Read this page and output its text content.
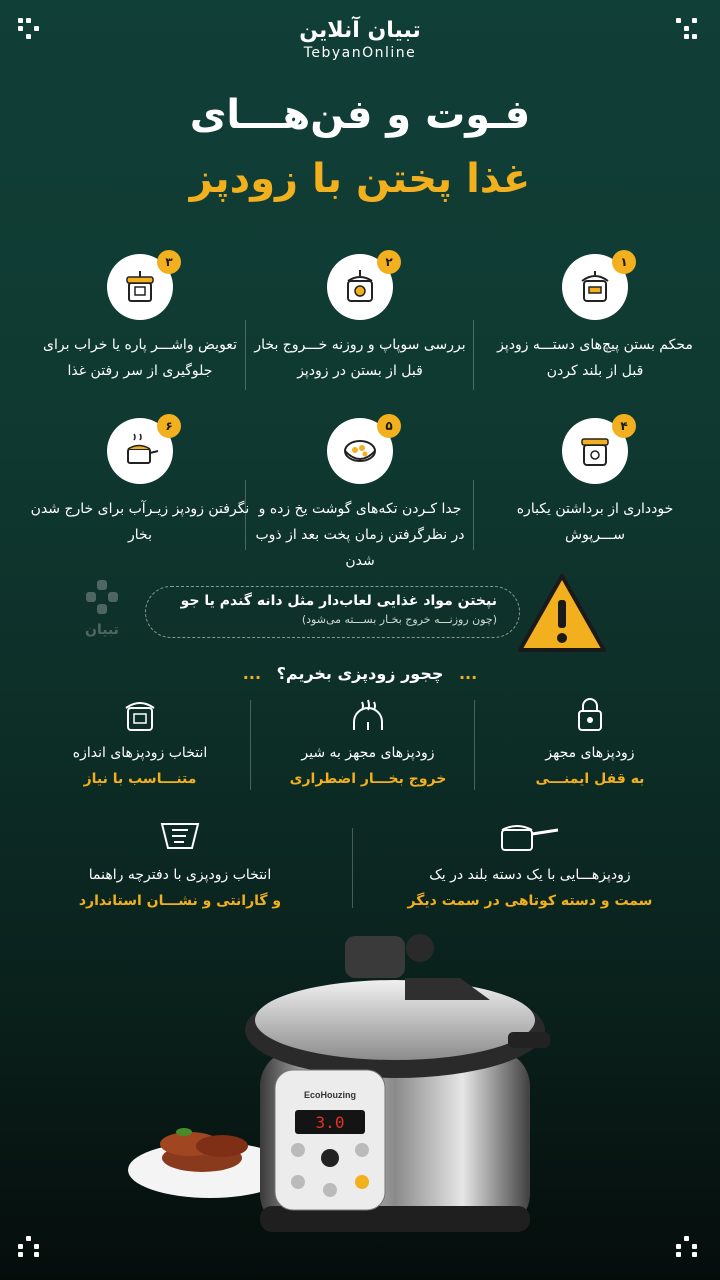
تبیان آنلاین
TebyanOnline
فـوت و فن‌هـــای
غذا پختن با زودپز
۱
محکم بستن پیچ‌های دستـــه زودپز قبل از بلند کردن
۲
بررسی سوپاپ و روزنه خـــروج بخار قبل از بستن در زودپز
۳
تعویض واشـــر پاره یا خراب برای جلوگیری از سر رفتن غذا
۴
خودداری از برداشتن یکباره ســـرپوش
۵
جدا کـردن تکه‌های گوشت یخ زده و در نظرگرفتن زمان پخت بعد از ذوب شدن
۶
نگرفتن زودپز زیـرآب برای خارج شدن بخار
تبیان
نپختن مواد غذایی لعاب‌دار مثل دانه گندم یا جو
(چون روزنـــه خروج بخـار بســـته می‌شود)
... چجور زودپزی بخریم؟ ...
زودپزهای مجهز
به قفل ایمنـــی
زودپزهای مجهز به شیر
خروج بخـــار اضطراری
انتخاب زودپزهای اندازه
متنـــاسب با نیاز
زودپزهـــایی با یک دسته بلند در یک
سمت و دسته کوتاهی در سمت دیگر
انتخاب زودپزی با دفترچه راهنما
و گارانتی و نشـــان استاندارد
3.0
EcoHouzing
